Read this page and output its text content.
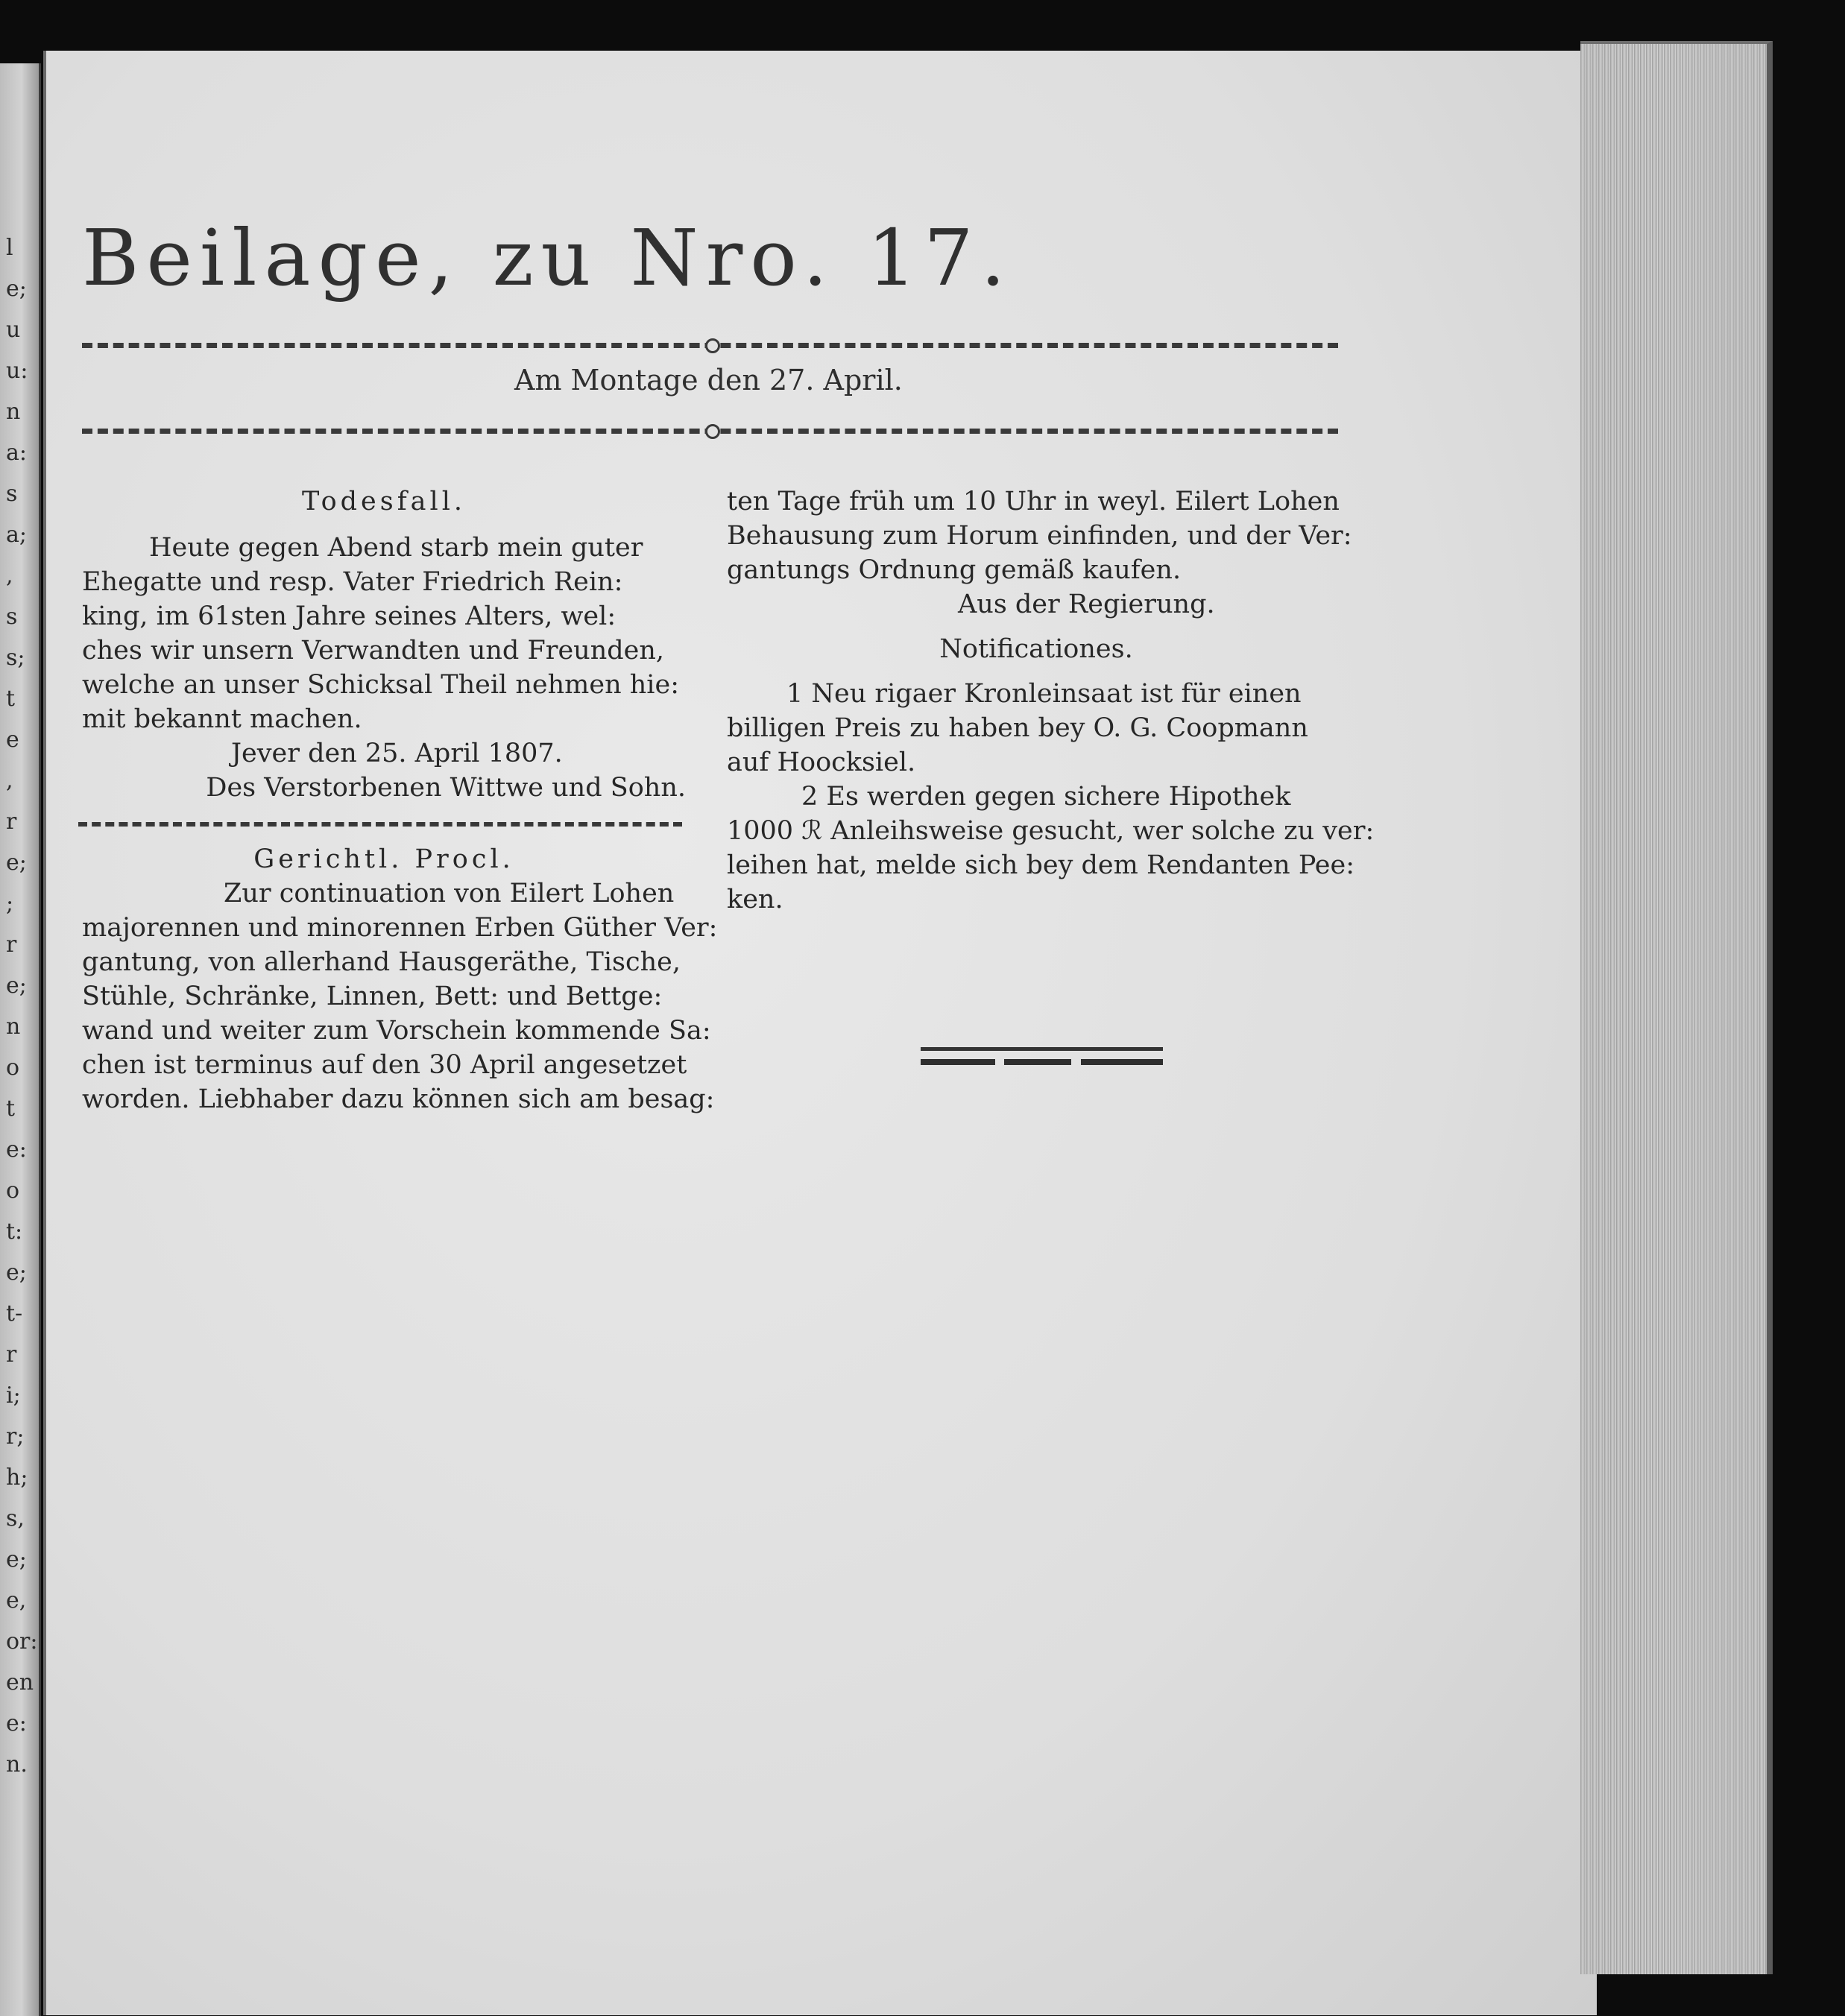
l
e;
u
u:
n
a:
s
a;
,
s
s;
t
e
,
r
e;
;
r
e;
n
o
t
e:
o
t:
e;
t-
r
i;
r;
h;
s,
e;
e,
or:
en
e:
n.
Beilage, zu Nro. 17.
Am Montage den 27. April.

Todesfall.

Heute gegen Abend starb mein guter

Ehegatte und resp. Vater Friedrich Rein:

king, im 61sten Jahre seines Alters, wel:

ches wir unsern Verwandten und Freunden,

welche an unser Schicksal Theil nehmen hie:

mit bekannt machen.

Jever den 25. April 1807.

Des Verstorbenen Wittwe und Sohn.

Gerichtl. Procl.

Zur continuation von Eilert Lohen

majorennen und minorennen Erben Güther Ver:

gantung, von allerhand Hausgeräthe, Tische,

Stühle, Schränke, Linnen, Bett: und Bettge:

wand und weiter zum Vorschein kommende Sa:

chen ist terminus auf den 30 April angesetzet

worden. Liebhaber dazu können sich am besag:

ten Tage früh um 10 Uhr in weyl. Eilert Lohen

Behausung zum Horum einfinden, und der Ver:

gantungs Ordnung gemäß kaufen.

Aus der Regierung.

Notificationes.

1 Neu rigaer Kronleinsaat ist für einen

billigen Preis zu haben bey O. G. Coopmann

auf Hoocksiel.

2 Es werden gegen sichere Hipothek

1000 ℛ Anleihsweise gesucht, wer solche zu ver:

leihen hat, melde sich bey dem Rendanten Pee:

ken.
